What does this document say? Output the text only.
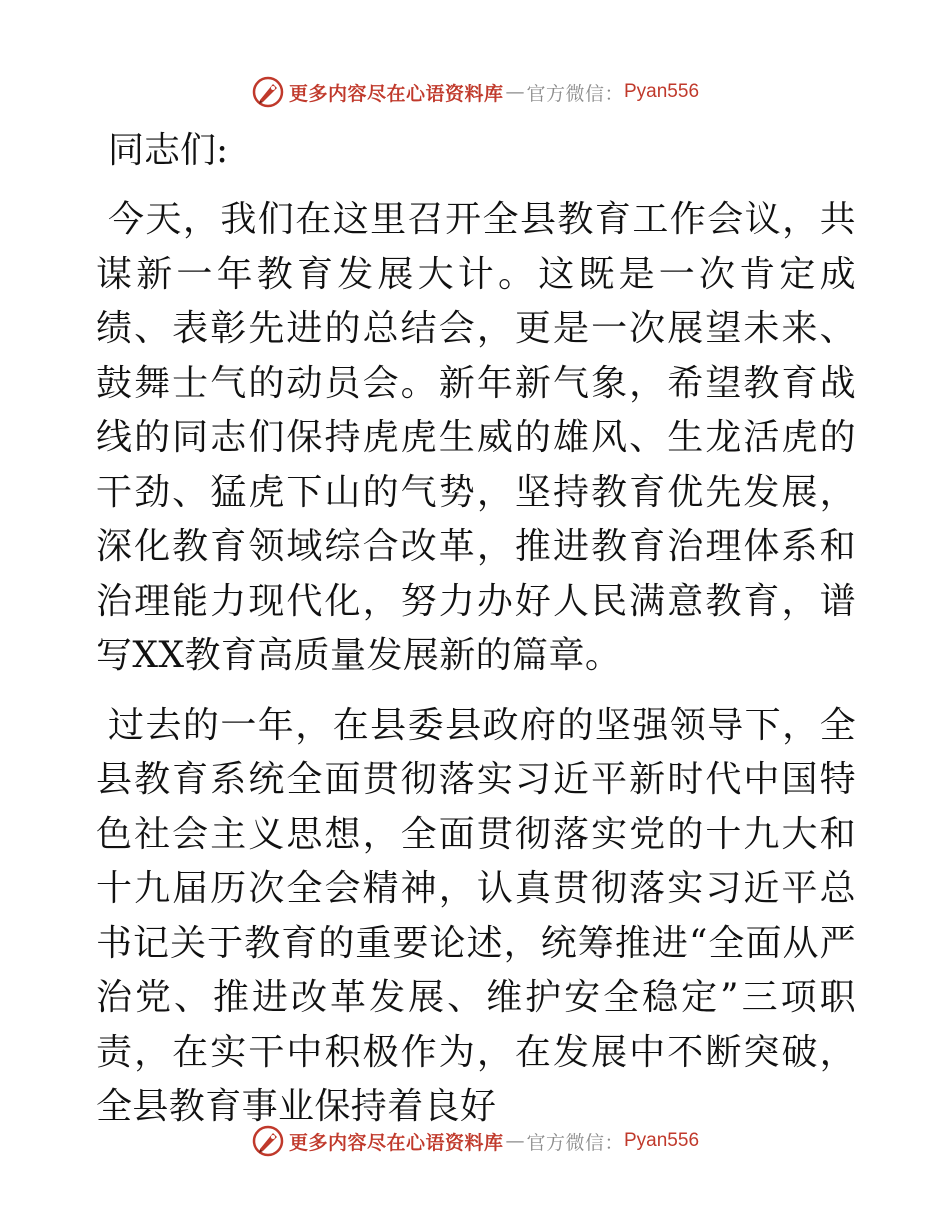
更多内容尽在心语资料库 — 官方微信： Pyan556

同志们:

今天，我们在这里召开全县教育工作会议，共谋新一年教育发展大计。这既是一次肯定成绩、表彰先进的总结会，更是一次展望未来、鼓舞士气的动员会。新年新气象，希望教育战线的同志们保持虎虎生威的雄风、生龙活虎的干劲、猛虎下山的气势，坚持教育优先发展，深化教育领域综合改革，推进教育治理体系和治理能力现代化，努力办好人民满意教育，谱写XX教育高质量发展新的篇章。

过去的一年，在县委县政府的坚强领导下，全县教育系统全面贯彻落实习近平新时代中国特色社会主义思想，全面贯彻落实党的十九大和十九届历次全会精神，认真贯彻落实习近平总书记关于教育的重要论述，统筹推进“全面从严治党、推进改革发展、维护安全稳定”三项职责，在实干中积极作为，在发展中不断突破，全县教育事业保持着良好

更多内容尽在心语资料库 — 官方微信： Pyan556
